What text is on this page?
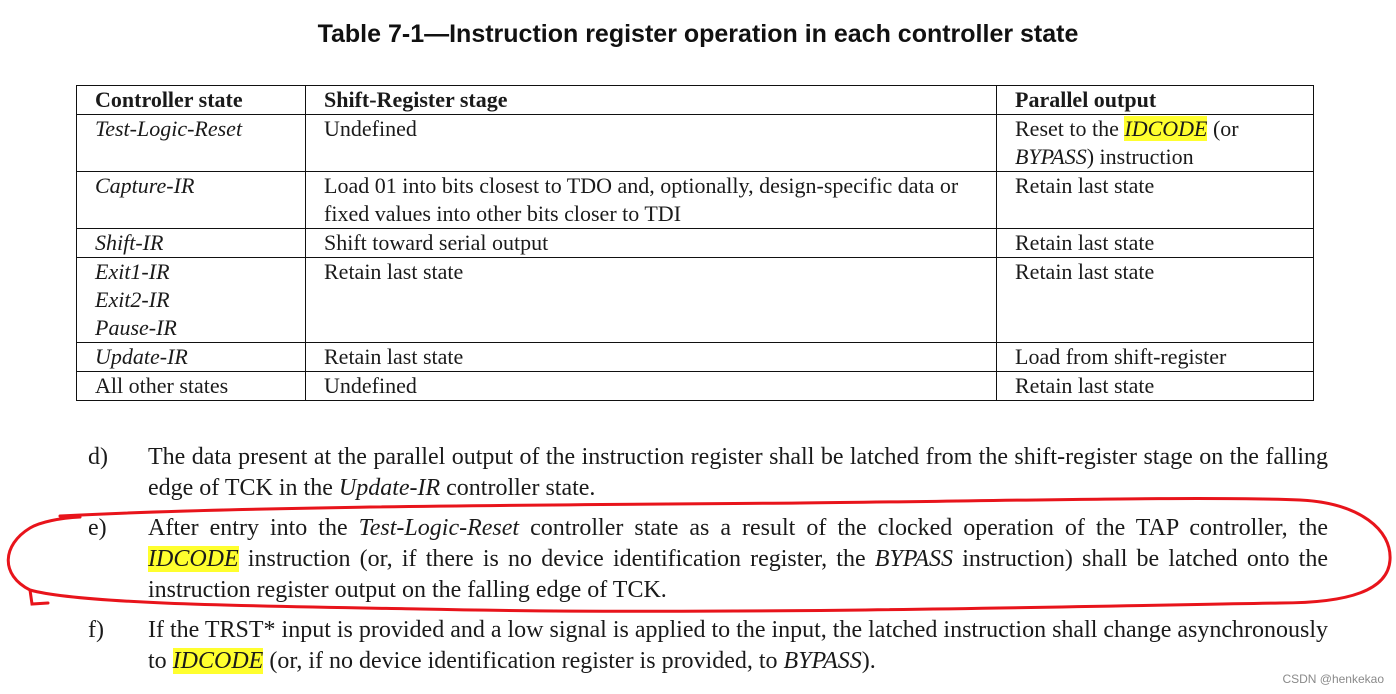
Table 7-1—Instruction register operation in each controller state
Controller state	Shift-Register stage	Parallel output
Test-Logic-Reset	Undefined	Reset to the IDCODE (or
BYPASS) instruction
Capture-IR	Load 01 into bits closest to TDO and, optionally, design-specific data or fixed values into other bits closer to TDI	Retain last state
Shift-IR	Shift toward serial output	Retain last state
Exit1-IR
Exit2-IR
Pause-IR	Retain last state	Retain last state
Update-IR	Retain last state	Load from shift-register
All other states	Undefined	Retain last state
d)	The data present at the parallel output of the instruction register shall be latched from the shift-register stage on the falling edge of TCK in the Update-IR controller state.
e)	After entry into the Test-Logic-Reset controller state as a result of the clocked operation of the TAP controller, the IDCODE instruction (or, if there is no device identification register, the BYPASS instruction) shall be latched onto the instruction register output on the falling edge of TCK.
f)	If the TRST* input is provided and a low signal is applied to the input, the latched instruction shall change asynchronously to IDCODE (or, if no device identification register is provided, to BYPASS).
CSDN @henkekao
